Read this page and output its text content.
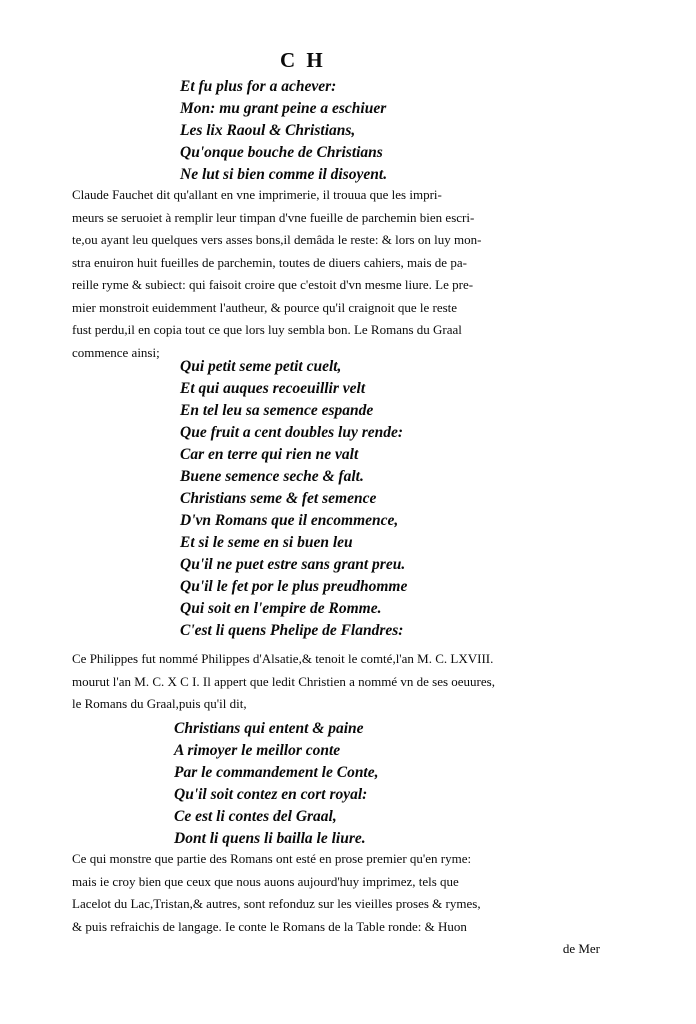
C H
Et fu plus for a achever:
Mon: mu grant peine a eschiuer
Les lix Raoul & Christians,
Qu'onque bouche de Christians
Ne lut si bien comme il disoyent.
Claude Fauchet dit qu'allant en vne imprimerie, il trouua que les impri-
meurs se seruoiet à remplir leur timpan d'vne fueille de parchemin bien escri-
te,ou ayant leu quelques vers asses bons,il demâda le reste: & lors on luy mon-
stra enuiron huit fueilles de parchemin, toutes de diuers cahiers, mais de pa-
reille ryme & subiect: qui faisoit croire que c'estoit d'vn mesme liure. Le pre-
mier monstroit euidemment l'autheur, & pource qu'il craignoit que le reste
fust perdu,il en copia tout ce que lors luy sembla bon. Le Romans du Graal
commence ainsi;
Qui petit seme petit cuelt,
Et qui auques recoeuillir velt
En tel leu sa semence espande
Que fruit a cent doubles luy rende:
Car en terre qui rien ne valt
Buene semence seche & falt.
Christians seme & fet semence
D'vn Romans que il encommence,
Et si le seme en si buen leu
Qu'il ne puet estre sans grant preu.
Qu'il le fet por le plus preudhomme
Qui soit en l'empire de Romme.
C'est li quens Phelipe de Flandres:
Ce Philippes fut nommé Philippes d'Alsatie,& tenoit le comté,l'an M. C. LXVIII.
mourut l'an M. C. X C I. Il appert que ledit Christien a nommé vn de ses oeuures,
le Romans du Graal,puis qu'il dit,
Christians qui entent & paine
A rimoyer le meillor conte
Par le commandement le Conte,
Qu'il soit contez en cort royal:
Ce est li contes del Graal,
Dont li quens li bailla le liure.
Ce qui monstre que partie des Romans ont esté en prose premier qu'en ryme:
mais ie croy bien que ceux que nous auons aujourd'huy imprimez, tels que
Lacelot du Lac,Tristan,& autres, sont refonduz sur les vieilles proses & rymes,
& puis refraichis de langage. Ie conte le Romans de la Table ronde: & Huon
de Mer
